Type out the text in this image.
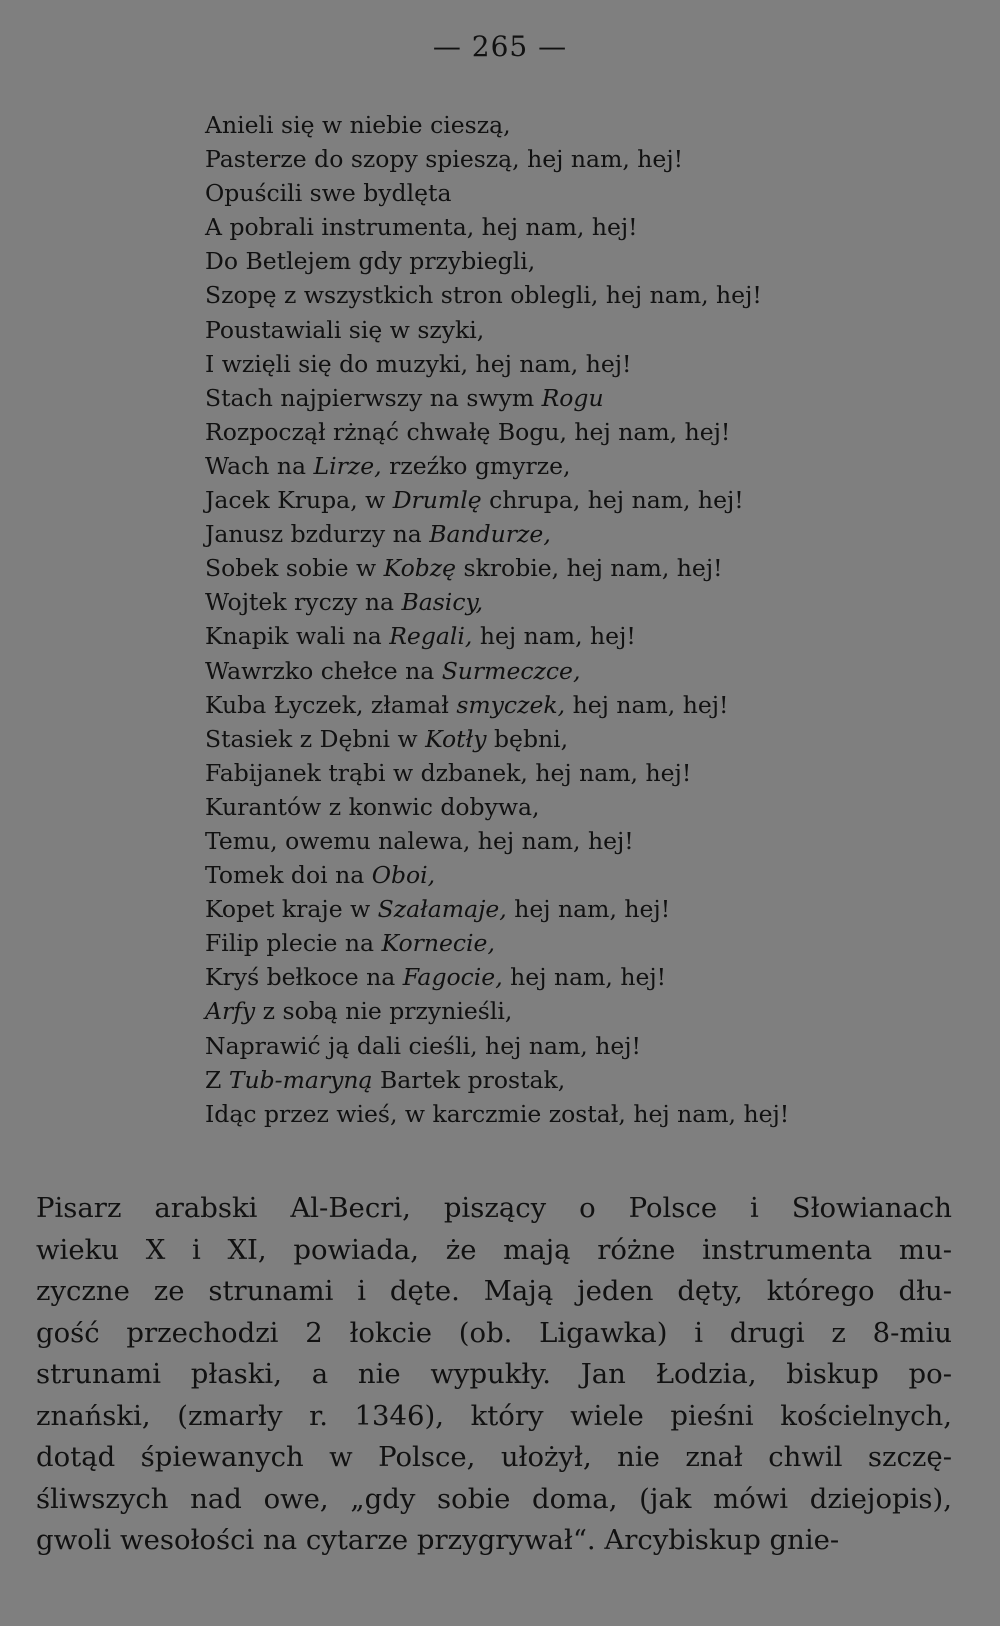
— 265 —
Anieli się w niebie cieszą,
Pasterze do szopy spieszą, hej nam, hej!
Opuścili swe bydlęta
A pobrali instrumenta, hej nam, hej!
Do Betlejem gdy przybiegli,
Szopę z wszystkich stron oblegli, hej nam, hej!
Poustawiali się w szyki,
I wzięli się do muzyki, hej nam, hej!
Stach najpierwszy na swym Rogu
Rozpoczął rżnąć chwałę Bogu, hej nam, hej!
Wach na Lirze, rzeźko gmyrze,
Jacek Krupa, w Drumlę chrupa, hej nam, hej!
Janusz bzdurzy na Bandurze,
Sobek sobie w Kobzę skrobie, hej nam, hej!
Wojtek ryczy na Basicy,
Knapik wali na Regali, hej nam, hej!
Wawrzko chełce na Surmeczce,
Kuba Łyczek, złamał smyczek, hej nam, hej!
Stasiek z Dębni w Kotły bębni,
Fabijanek trąbi w dzbanek, hej nam, hej!
Kurantów z konwic dobywa,
Temu, owemu nalewa, hej nam, hej!
Tomek doi na Oboi,
Kopet kraje w Szałamaje, hej nam, hej!
Filip plecie na Kornecie,
Kryś bełkoce na Fagocie, hej nam, hej!
Arfy z sobą nie przynieśli,
Naprawić ją dali cieśli, hej nam, hej!
Z Tub-maryną Bartek prostak,
Idąc przez wieś, w karczmie został, hej nam, hej!
Pisarz arabski Al-Becri, piszący o Polsce i Słowianach
wieku X i XI, powiada, że mają różne instrumenta mu-
zyczne ze strunami i dęte. Mają jeden dęty, którego dłu-
gość przechodzi 2 łokcie (ob. Ligawka) i drugi z 8-miu
strunami płaski, a nie wypukły. Jan Łodzia, biskup po-
znański, (zmarły r. 1346), który wiele pieśni kościelnych,
dotąd śpiewanych w Polsce, ułożył, nie znał chwil szczę-
śliwszych nad owe, „gdy sobie doma, (jak mówi dziejopis),
gwoli wesołości na cytarze przygrywał“. Arcybiskup gnie-
